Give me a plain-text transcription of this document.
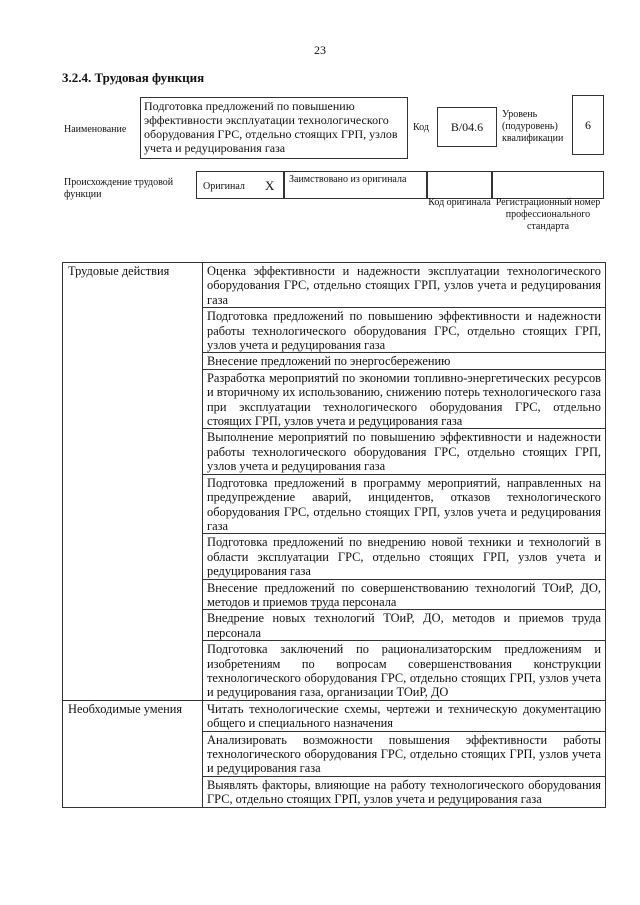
23
3.2.4. Трудовая функция
Наименование
Подготовка предложений по повышению эффективности эксплуатации технологического оборудования ГРС, отдельно стоящих ГРП, узлов учета и редуцирования газа
Код	В/04.6
Уровень (подуровень) квалификации
6
Происхождение трудовой функции
Оригинал X Заимствовано из оригинала
Код оригинала Регистрационный номер профессионального стандарта
Трудовые действия	Оценка эффективности и надежности эксплуатации технологического оборудования ГРС, отдельно стоящих ГРП, узлов учета и редуцирования газа
	Подготовка предложений по повышению эффективности и надежности работы технологического оборудования ГРС, отдельно стоящих ГРП, узлов учета и редуцирования газа
	Внесение предложений по энергосбережению
	Разработка мероприятий по экономии топливно-энергетических ресурсов и вторичному их использованию, снижению потерь технологического газа при эксплуатации технологического оборудования ГРС, отдельно стоящих ГРП, узлов учета и редуцирования газа
	Выполнение мероприятий по повышению эффективности и надежности работы технологического оборудования ГРС, отдельно стоящих ГРП, узлов учета и редуцирования газа
	Подготовка предложений в программу мероприятий, направленных на предупреждение аварий, инцидентов, отказов технологического оборудования ГРС, отдельно стоящих ГРП, узлов учета и редуцирования газа
	Подготовка предложений по внедрению новой техники и технологий в области эксплуатации ГРС, отдельно стоящих ГРП, узлов учета и редуцирования газа
	Внесение предложений по совершенствованию технологий ТОиР, ДО, методов и приемов труда персонала
	Внедрение новых технологий ТОиР, ДО, методов и приемов труда персонала
	Подготовка заключений по рационализаторским предложениям и изобретениям по вопросам совершенствования конструкции технологического оборудования ГРС, отдельно стоящих ГРП, узлов учета и редуцирования газа, организации ТОиР, ДО
Необходимые умения	Читать технологические схемы, чертежи и техническую документацию общего и специального назначения
	Анализировать возможности повышения эффективности работы технологического оборудования ГРС, отдельно стоящих ГРП, узлов учета и редуцирования газа
	Выявлять факторы, влияющие на работу технологического оборудования ГРС, отдельно стоящих ГРП, узлов учета и редуцирования газа
